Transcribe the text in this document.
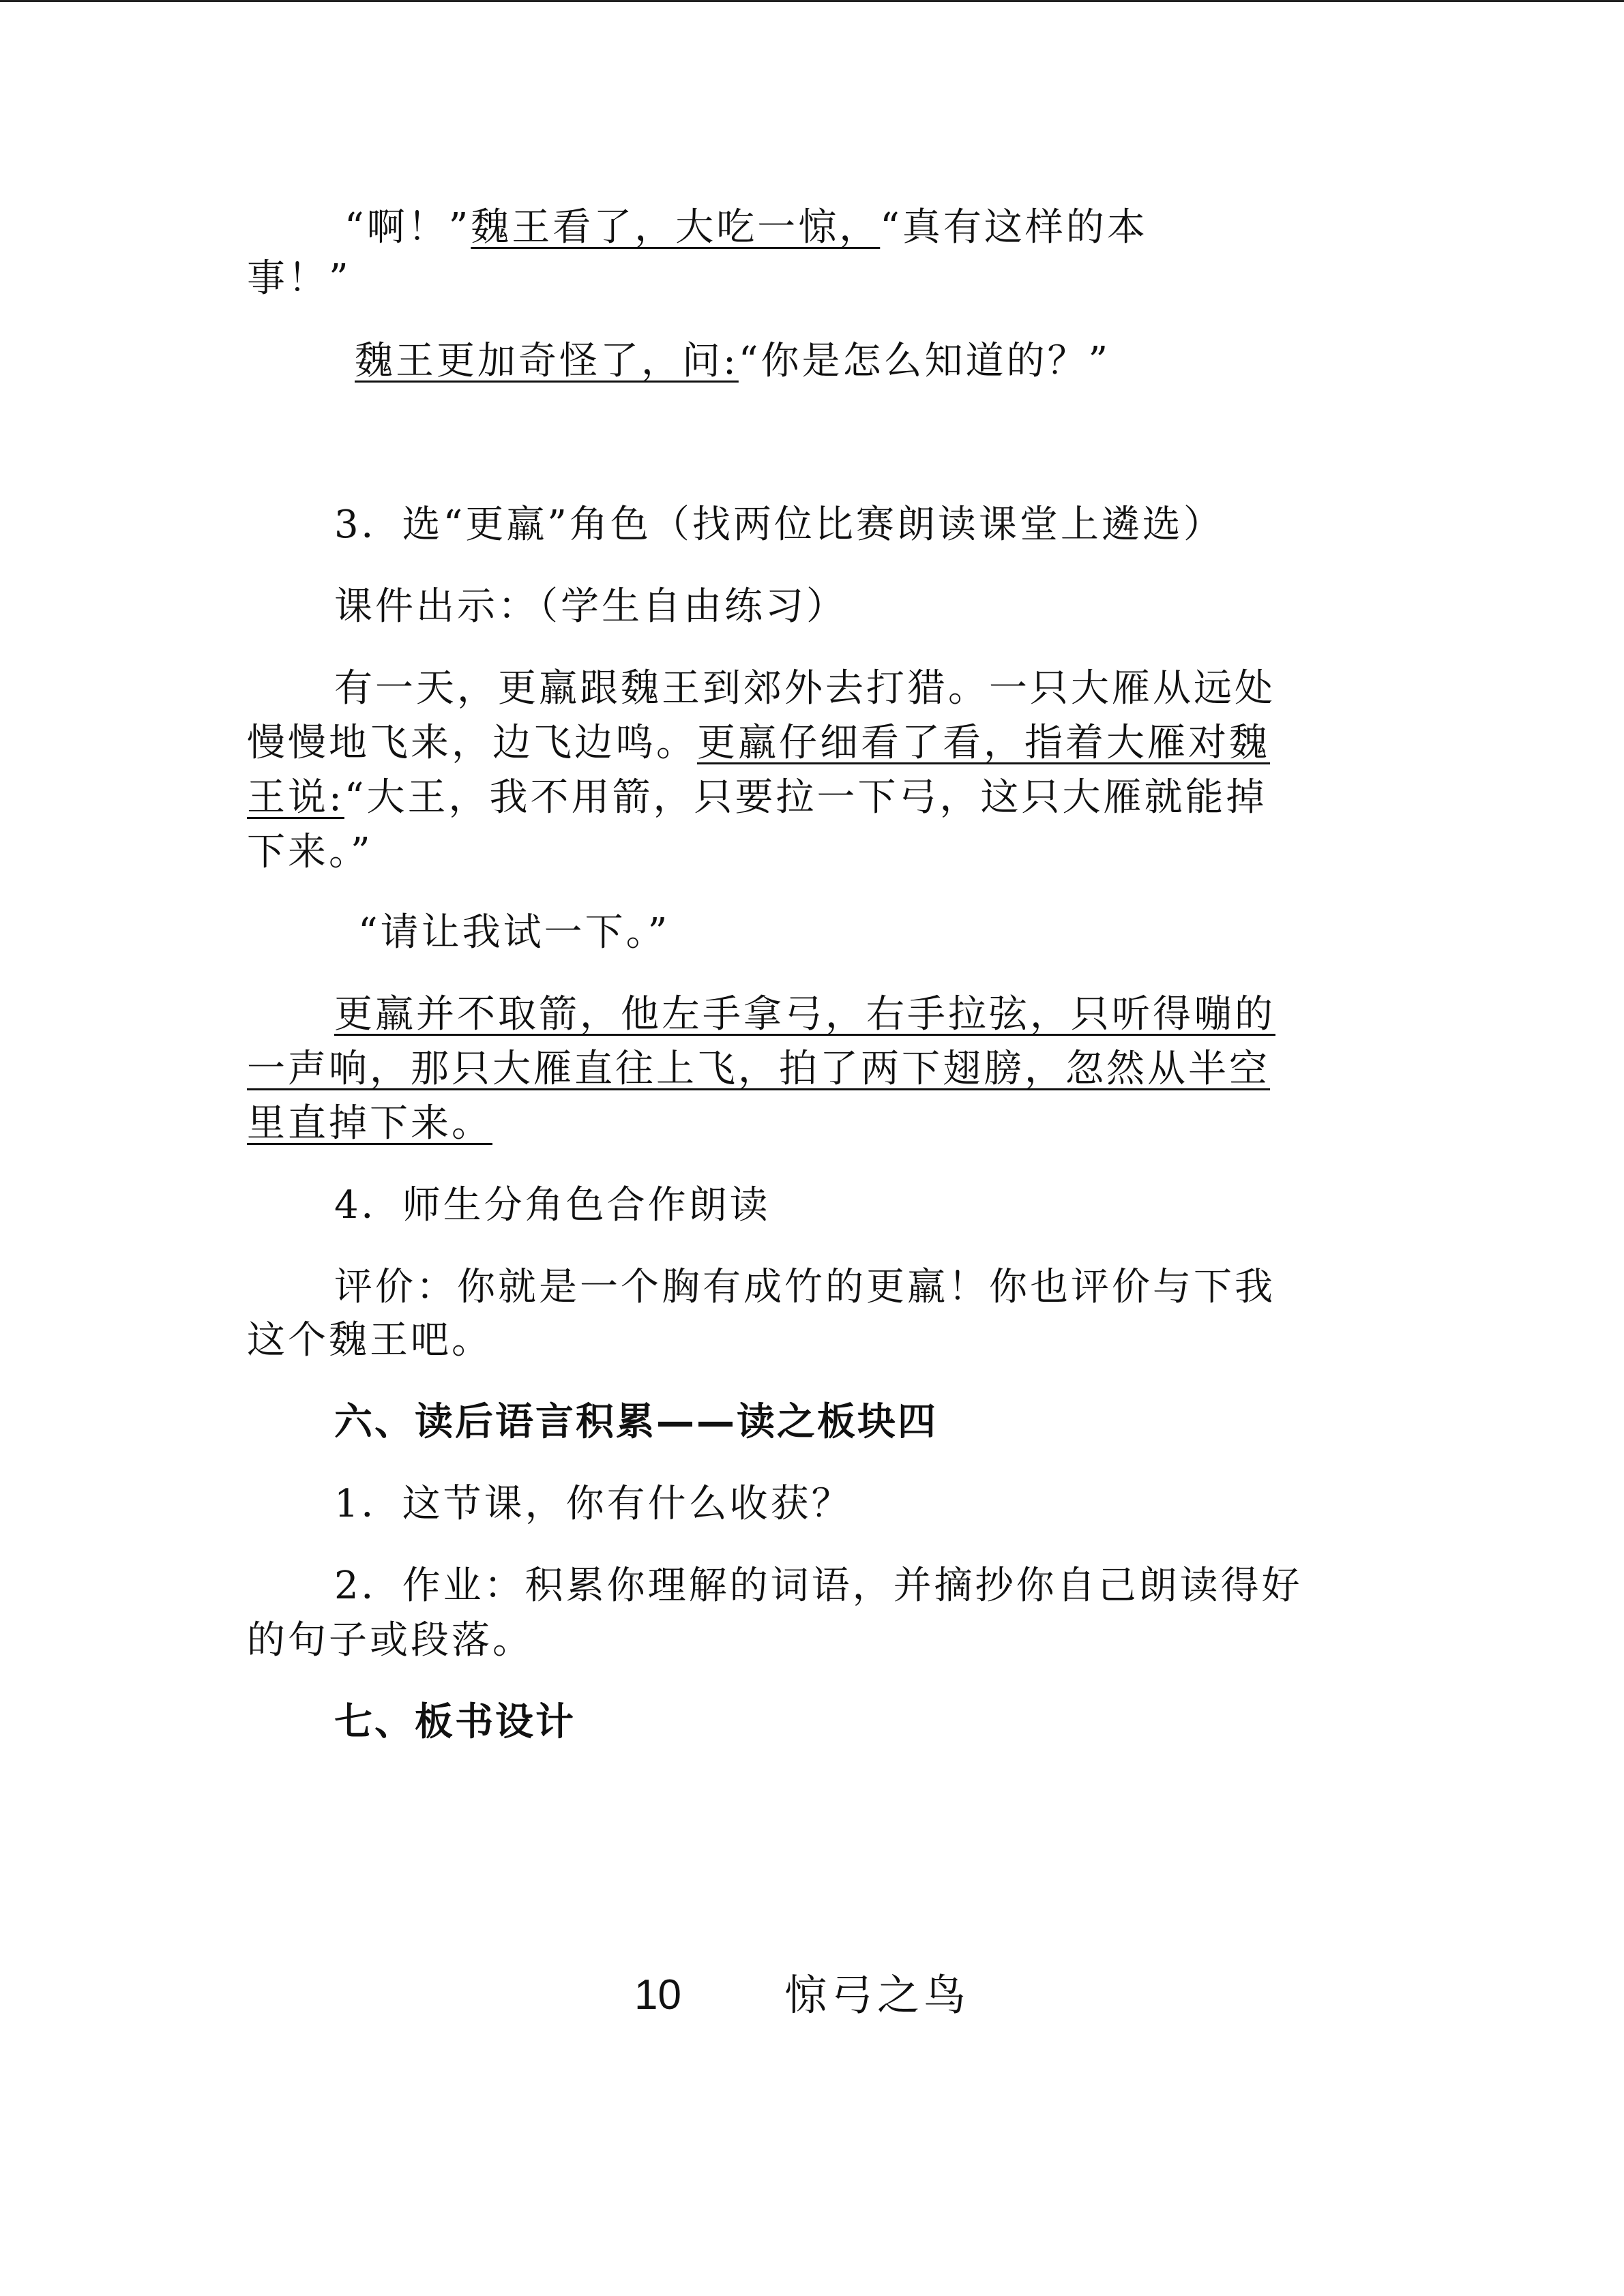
“啊！”魏王看了，大吃一惊，“真有这样的本
事！”
魏王更加奇怪了，问:“你是怎么知道的？”
3．选“更羸”角色（找两位比赛朗读课堂上遴选）
课件出示：（学生自由练习）
有一天，更羸跟魏王到郊外去打猎。一只大雁从远处
慢慢地飞来，边飞边鸣。更羸仔细看了看，指着大雁对魏
王说:“大王，我不用箭，只要拉一下弓，这只大雁就能掉
下来。”
“请让我试一下。”
更羸并不取箭，他左手拿弓，右手拉弦，只听得嘣的
一声响，那只大雁直往上飞，拍了两下翅膀，忽然从半空
里直掉下来。
4．师生分角色合作朗读
评价：你就是一个胸有成竹的更羸！你也评价与下我
这个魏王吧。
六、读后语言积累——读之板块四
1．这节课，你有什么收获？
2．作业：积累你理解的词语，并摘抄你自己朗读得好
的句子或段落。
七、板书设计
10 惊弓之鸟
